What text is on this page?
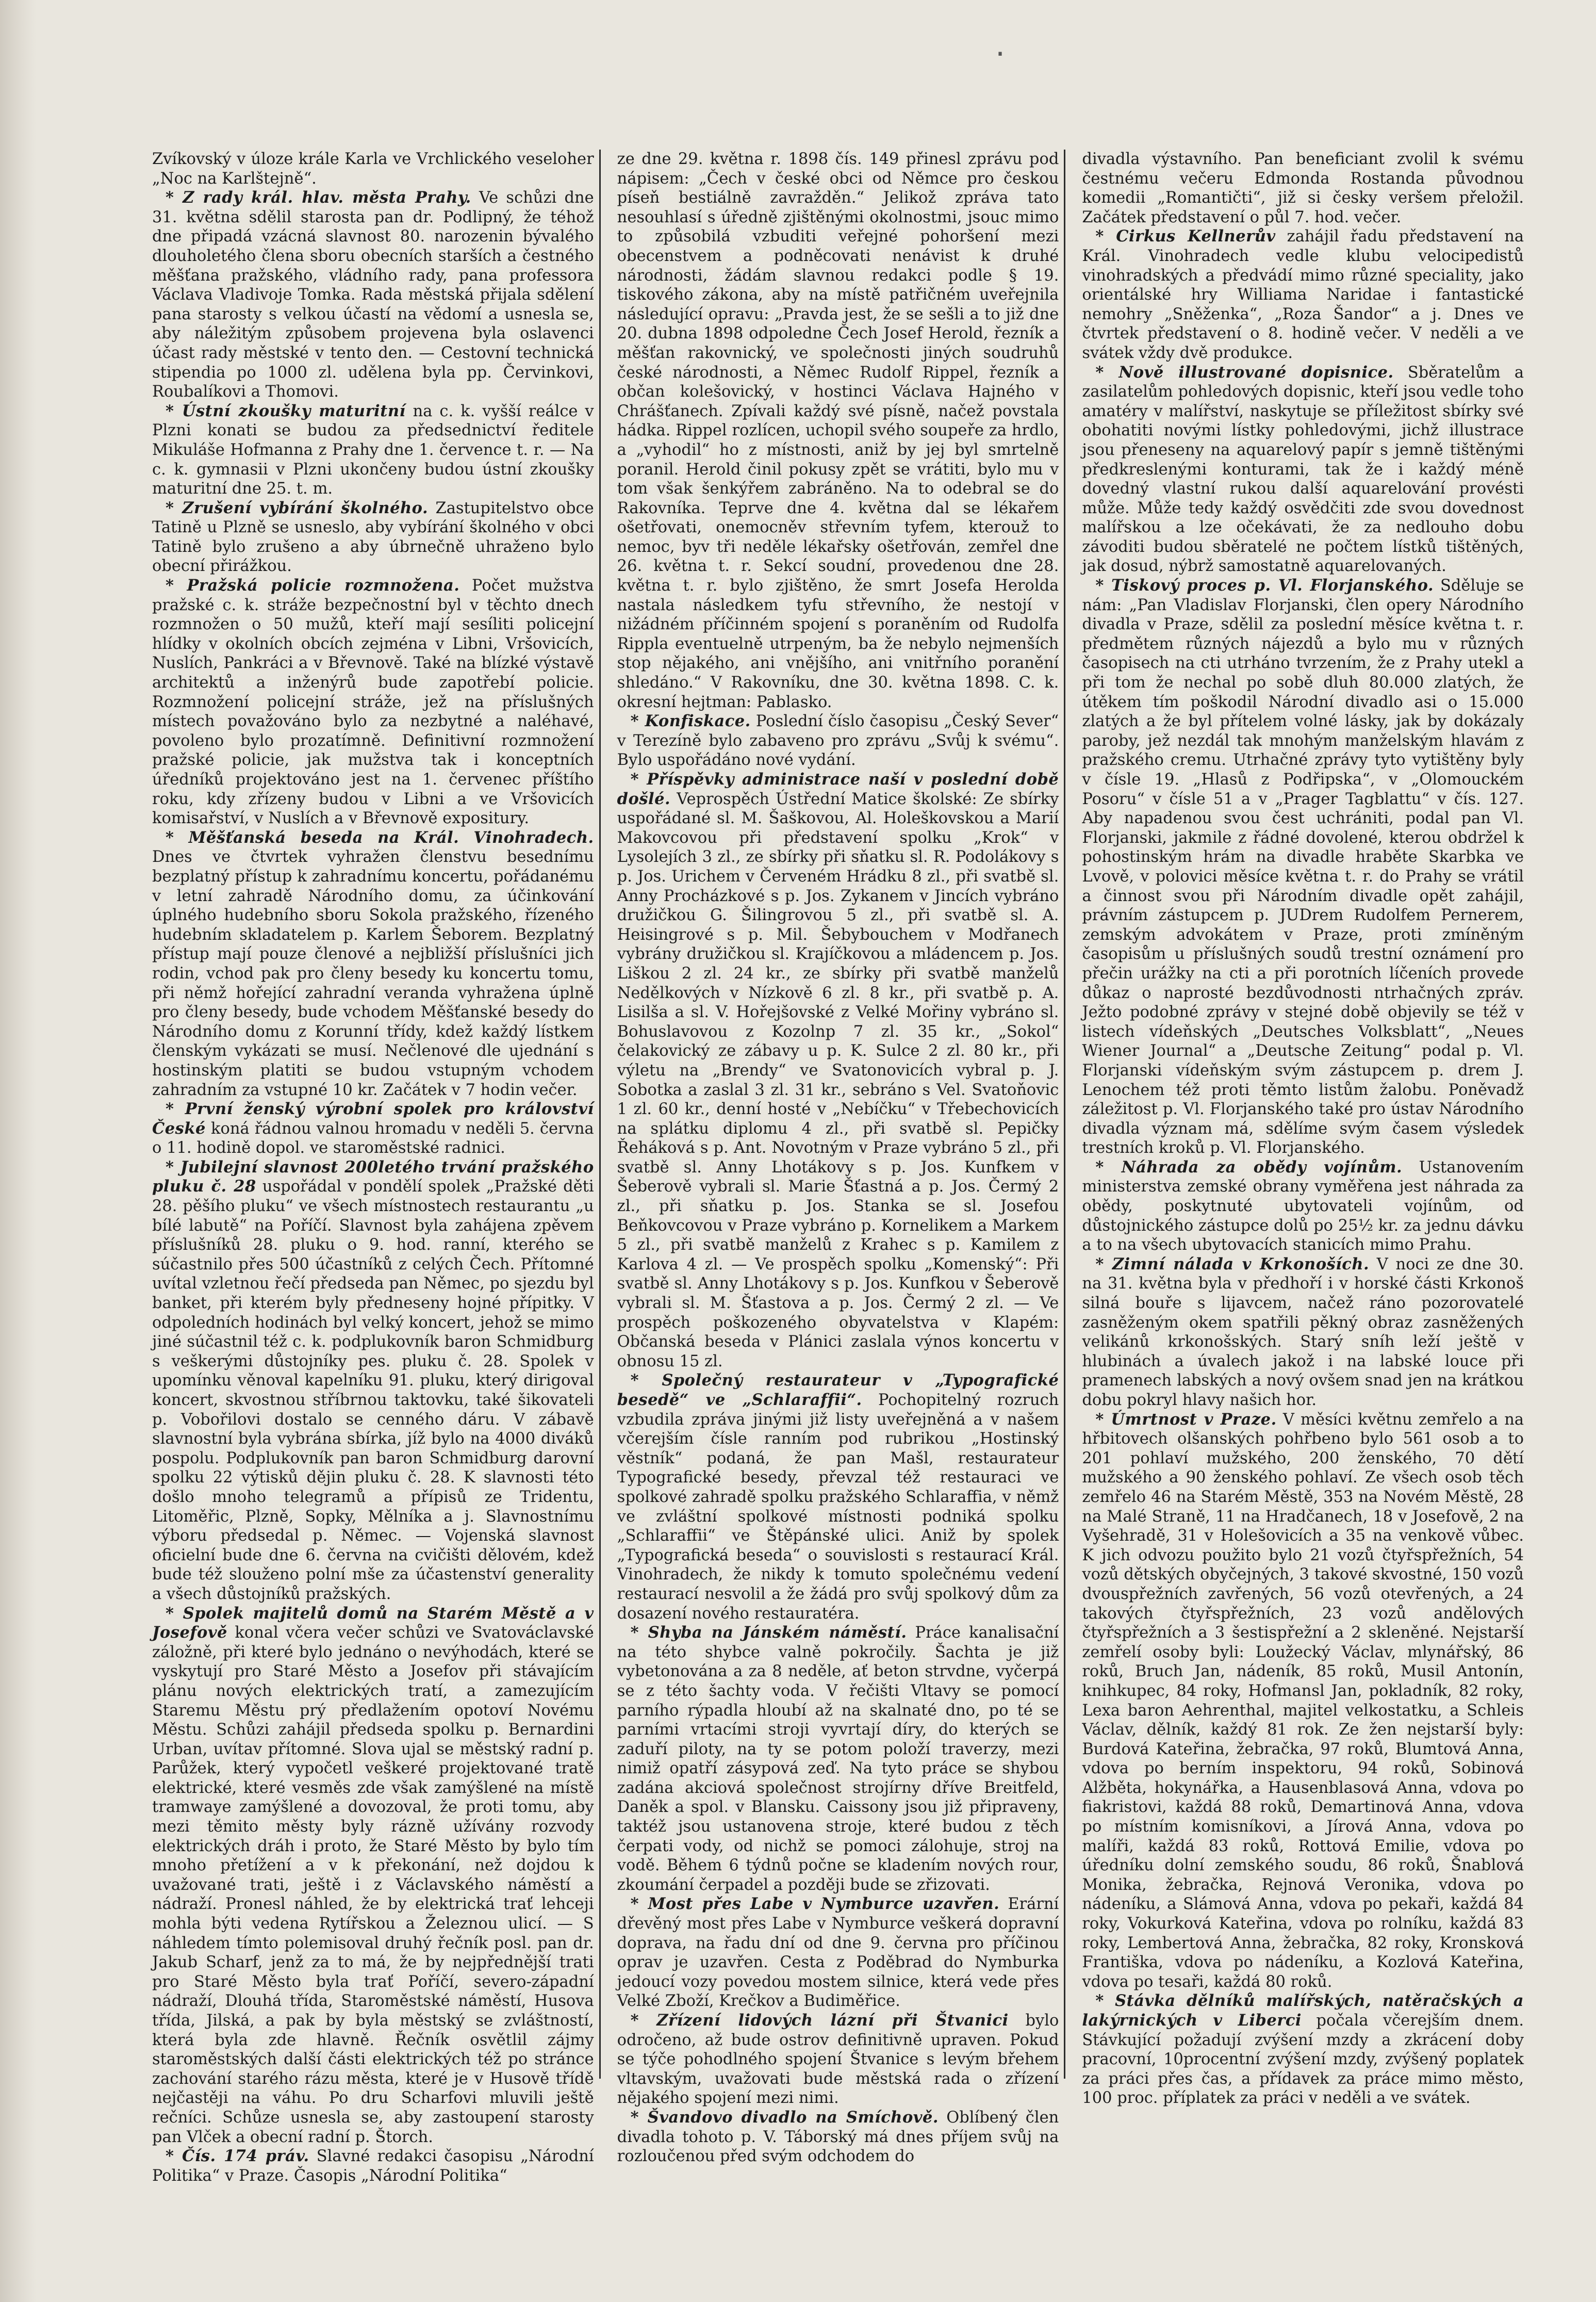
·

Zvíkovský v úloze krále Karla ve Vrchlického veseloher „Noc na Karlštejně“.

* Z rady král. hlav. města Prahy. Ve schůzi dne 31. května sdělil starosta pan dr. Podlipný, že téhož dne připadá vzácná slavnost 80. narozenin bývalého dlouholetého člena sboru obecních starších a čestného měšťana pražského, vládního rady, pana professora Václava Vladivoje Tomka. Rada městská přijala sdělení pana starosty s velkou účastí na vědomí a usnesla se, aby náležitým způsobem projevena byla oslavenci účast rady městské v tento den. — Cestovní technická stipendia po 1000 zl. udělena byla pp. Červinkovi, Roubalíkovi a Thomovi.

* Ústní zkoušky maturitní na c. k. vyšší reálce v Plzni konati se budou za předsednictví ředitele Mikuláše Hofmanna z Prahy dne 1. července t. r. — Na c. k. gymnasii v Plzni ukončeny budou ústní zkoušky maturitní dne 25. t. m.

* Zrušení vybírání školného. Zastupitelstvo obce Tatině u Plzně se usneslo, aby vybírání školného v obci Tatině bylo zrušeno a aby úbrnečně uhraženo bylo obecní přirážkou.

* Pražská policie rozmnožena. Počet mužstva pražské c. k. stráže bezpečnostní byl v těchto dnech rozmnožen o 50 mužů, kteří mají sesíliti policejní hlídky v okolních obcích zejména v Libni, Vršovicích, Nuslích, Pankráci a v Břevnově. Také na blízké výstavě architektů a inženýrů bude zapotřebí policie. Rozmnožení policejní stráže, jež na příslušných místech považováno bylo za nezbytné a naléhavé, povoleno bylo prozatímně. Definitivní rozmnožení pražské policie, jak mužstva tak i konceptních úředníků projektováno jest na 1. červenec příštího roku, kdy zřízeny budou v Libni a ve Vršovicích komisařství, v Nuslích a v Břevnově expositury.

* Měšťanská beseda na Král. Vinohradech. Dnes ve čtvrtek vyhražen členstvu besednímu bezplatný přístup k zahradnímu koncertu, pořádanému v letní zahradě Národního domu, za účinkování úplného hudebního sboru Sokola pražského, řízeného hudebním skladatelem p. Karlem Šeborem. Bezplatný přístup mají pouze členové a nejbližší příslušníci jich rodin, vchod pak pro členy besedy ku koncertu tomu, při němž hořející zahradní veranda vyhražena úplně pro členy besedy, bude vchodem Měšťanské besedy do Národního domu z Korunní třídy, kdež každý lístkem členským vykázati se musí. Nečlenové dle ujednání s hostinským platiti se budou vstupným vchodem zahradním za vstupné 10 kr. Začátek v 7 hodin večer.

* První ženský výrobní spolek pro království České koná řádnou valnou hromadu v neděli 5. června o 11. hodině dopol. ve staroměstské radnici.

* Jubilejní slavnost 200letého trvání pražského pluku č. 28 uspořádal v pondělí spolek „Pražské děti 28. pěšího pluku“ ve všech místnostech restaurantu „u bílé labutě“ na Poříčí. Slavnost byla zahájena zpěvem příslušníků 28. pluku o 9. hod. ranní, kterého se súčastnilo přes 500 účastníků z celých Čech. Přítomné uvítal vzletnou řečí předseda pan Němec, po sjezdu byl banket, při kterém byly předneseny hojné přípitky. V odpoledních hodinách byl velký koncert, jehož se mimo jiné súčastnil též c. k. podplukovník baron Schmidburg s veškerými důstojníky pes. pluku č. 28. Spolek v upomínku věnoval kapelníku 91. pluku, který dirigoval koncert, skvostnou stříbrnou taktovku, také šikovateli p. Vobořilovi dostalo se cenného dáru. V zábavě slavnostní byla vybrána sbírka, jíž bylo na 4000 diváků pospolu. Podplukovník pan baron Schmidburg darovní spolku 22 výtisků dějin pluku č. 28. K slavnosti této došlo mnoho telegramů a přípisů ze Tridentu, Litoměřic, Plzně, Sopky, Mělníka a j. Slavnostnímu výboru předsedal p. Němec. — Vojenská slavnost oficielní bude dne 6. června na cvičišti dělovém, kdež bude též slouženo polní mše za účastenství generality a všech důstojníků pražských.

* Spolek majitelů domů na Starém Městě a v Josefově konal včera večer schůzi ve Svatováclavské záložně, při které bylo jednáno o nevýhodách, které se vyskytují pro Staré Město a Josefov při stávajícím plánu nových elektrických tratí, a zamezujícím Staremu Městu prý předlažením opotoví Novému Městu. Schůzi zahájil předseda spolku p. Bernardini Urban, uvítav přítomné. Slova ujal se městský radní p. Parůžek, který vypočetl veškeré projektované tratě elektrické, které vesměs zde však zamýšlené na místě tramwaye zamýšlené a dovozoval, že proti tomu, aby mezi těmito městy byly rázně užívány rozvody elektrických dráh i proto, že Staré Město by bylo tím mnoho přetížení a v k překonání, než dojdou k uvažované trati, ještě i z Václavského náměstí a nádraží. Pronesl náhled, že by elektrická trať lehceji mohla býti vedena Rytířskou a Železnou ulicí. — S náhledem tímto polemisoval druhý řečník posl. pan dr. Jakub Scharf, jenž za to má, že by nejpřednější trati pro Staré Město byla trať Poříčí, severo-západní nádraží, Dlouhá třída, Staroměstské náměstí, Husova třída, Jilská, a pak by byla městský se zvláštností, která byla zde hlavně. Řečník osvětlil zájmy staroměstských další části elektrických též po stránce zachování starého rázu města, které je v Husově třídě nejčastěji na váhu. Po dru Scharfovi mluvili ještě rečníci. Schůze usnesla se, aby zastoupení starosty pan Vlček a obecní radní p. Štorch.

* Čís. 174 práv. Slavné redakci časopisu „Národní Politika“ v Praze. Časopis „Národní Politika“

ze dne 29. května r. 1898 čís. 149 přinesl zprávu pod nápisem: „Čech v české obci od Němce pro českou píseň bestiálně zavražděn.“ Jelikož zpráva tato nesouhlasí s úředně zjištěnými okolnostmi, jsouc mimo to způsobilá vzbuditi veřejné pohoršení mezi obecenstvem a podněcovati nenávist k druhé národnosti, žádám slavnou redakci podle § 19. tiskového zákona, aby na místě patřičném uveřejnila následující opravu: „Pravda jest, že se sešli a to již dne 20. dubna 1898 odpoledne Čech Josef Herold, řezník a měšťan rakovnický, ve společnosti jiných soudruhů české národnosti, a Němec Rudolf Rippel, řezník a občan kolešovický, v hostinci Václava Hajného v Chrášťanech. Zpívali každý své písně, načež povstala hádka. Rippel rozlícen, uchopil svého soupeře za hrdlo, a „vyhodil“ ho z místnosti, aniž by jej byl smrtelně poranil. Herold činil pokusy zpět se vrátiti, bylo mu v tom však šenkýřem zabráněno. Na to odebral se do Rakovníka. Teprve dne 4. května dal se lékařem ošetřovati, onemocněv střevním tyfem, kterouž to nemoc, byv tři neděle lékařsky ošetřován, zemřel dne 26. května t. r. Sekcí soudní, provedenou dne 28. května t. r. bylo zjištěno, že smrt Josefa Herolda nastala následkem tyfu střevního, že nestojí v nižádném příčinném spojení s poraněním od Rudolfa Rippla eventuelně utrpeným, ba že nebylo nejmenších stop nějakého, ani vnějšího, ani vnitřního poranění shledáno.“ V Rakovníku, dne 30. května 1898. C. k. okresní hejtman: Pablasko.

* Konfiskace. Poslední číslo časopisu „Český Sever“ v Terezíně bylo zabaveno pro zprávu „Svůj k svému“. Bylo uspořádáno nové vydání.

* Příspěvky administrace naší v poslední době došlé. Veprospěch Ústřední Matice školské: Ze sbírky uspořádané sl. M. Šaškovou, Al. Holeškovskou a Marií Makovcovou při představení spolku „Krok“ v Lysolejích 3 zl., ze sbírky při sňatku sl. R. Podolákovy s p. Jos. Urichem v Červeném Hrádku 8 zl., při svatbě sl. Anny Procházkové s p. Jos. Zykanem v Jincích vybráno družičkou G. Šilingrovou 5 zl., při svatbě sl. A. Heisingrové s p. Mil. Šebybouchem v Modřanech vybrány družičkou sl. Krajíčkovou a mládencem p. Jos. Liškou 2 zl. 24 kr., ze sbírky při svatbě manželů Nedělkových v Nízkově 6 zl. 8 kr., při svatbě p. A. Lisilša a sl. V. Hořejšovské z Velké Mořiny vybráno sl. Bohuslavovou z Kozolnp 7 zl. 35 kr., „Sokol“ čelakovický ze zábavy u p. K. Sulce 2 zl. 80 kr., při výletu na „Brendy“ ve Svatonovicích vybral p. J. Sobotka a zaslal 3 zl. 31 kr., sebráno s Vel. Svatoňovic 1 zl. 60 kr., denní hosté v „Nebíčku“ v Třebechovicích na splátku diplomu 4 zl., při svatbě sl. Pepičky Řeháková s p. Ant. Novotným v Praze vybráno 5 zl., při svatbě sl. Anny Lhotákovy s p. Jos. Kunfkem v Šeberově vybrali sl. Marie Šťastná a p. Jos. Čermý 2 zl., při sňatku p. Jos. Stanka se sl. Josefou Beňkovcovou v Praze vybráno p. Kornelikem a Markem 5 zl., při svatbě manželů z Krahec s p. Kamilem z Karlova 4 zl. — Ve prospěch spolku „Komenský“: Při svatbě sl. Anny Lhotákovy s p. Jos. Kunfkou v Šeberově vybrali sl. M. Šťastova a p. Jos. Čermý 2 zl. — Ve prospěch poškozeného obyvatelstva v Klapém: Občanská beseda v Plánici zaslala výnos koncertu v obnosu 15 zl.

* Společný restaurateur v „Typografické besedě“ ve „Schlaraffii“. Pochopitelný rozruch vzbudila zpráva jinými již listy uveřejněná a v našem včerejším čísle ranním pod rubrikou „Hostinský věstník“ podaná, že pan Mašl, restaurateur Typografické besedy, převzal též restauraci ve spolkové zahradě spolku pražského Schlaraffia, v němž ve zvláštní spolkové místnosti podniká spolku „Schlaraffii“ ve Štěpánské ulici. Aniž by spolek „Typografická beseda“ o souvislosti s restaurací Král. Vinohradech, že nikdy k tomuto společnému vedení restaurací nesvolil a že žádá pro svůj spolkový dům za dosazení nového restauratéra.

* Shyba na Jánském náměstí. Práce kanalisační na této shybce valně pokročily. Šachta je již vybetonována a za 8 neděle, ať beton strvdne, vyčerpá se z této šachty voda. V řečišti Vltavy se pomocí parního rýpadla hloubí až na skalnaté dno, po té se parními vrtacími stroji vyvrtají díry, do kterých se zaduří piloty, na ty se potom položí traverzy, mezi nimiž opatří zásypová zeď. Na tyto práce se shybou zadána akciová společnost strojírny dříve Breitfeld, Daněk a spol. v Blansku. Caissony jsou již připraveny, taktéž jsou ustanovena stroje, které budou z těch čerpati vody, od nichž se pomoci zálohuje, stroj na vodě. Během 6 týdnů počne se kladením nových rour, zkoumání čerpadel a později bude se zřizovati.

* Most přes Labe v Nymburce uzavřen. Erární dřevěný most přes Labe v Nymburce veškerá dopravní doprava, na řadu dní od dne 9. června pro příčinou oprav je uzavřen. Cesta z Poděbrad do Nymburka jedoucí vozy povedou mostem silnice, která vede přes Velké Zboží, Krečkov a Budiměřice.

* Zřízení lidových lázní při Štvanici bylo odročeno, až bude ostrov definitivně upraven. Pokud se týče pohodlného spojení Štvanice s levým břehem vltavským, uvažovati bude městská rada o zřízení nějakého spojení mezi nimi.

* Švandovo divadlo na Smíchově. Oblíbený člen divadla tohoto p. V. Táborský má dnes příjem svůj na rozloučenou před svým odchodem do

divadla výstavního. Pan beneficiant zvolil k svému čestnému večeru Edmonda Rostanda původnou komedii „Romantičti“, již si česky veršem přeložil. Začátek představení o půl 7. hod. večer.

* Cirkus Kellnerův zahájil řadu představení na Král. Vinohradech vedle klubu velocipedistů vinohradských a předvádí mimo různé speciality, jako orientálské hry Williama Naridae i fantastické nemohry „Sněženka“, „Roza Šandor“ a j. Dnes ve čtvrtek představení o 8. hodině večer. V neděli a ve svátek vždy dvě produkce.

* Nově illustrované dopisnice. Sběratelům a zasilatelům pohledových dopisnic, kteří jsou vedle toho amatéry v malířství, naskytuje se příležitost sbírky své obohatiti novými lístky pohledovými, jichž illustrace jsou přeneseny na aquarelový papír s jemně tištěnými předkreslenými konturami, tak že i každý méně dovedný vlastní rukou další aquarelování provésti může. Může tedy každý osvědčiti zde svou dovednost malířskou a lze očekávati, že za nedlouho dobu závoditi budou sběratelé ne počtem lístků tištěných, jak dosud, nýbrž samostatně aquarelovaných.

* Tiskový proces p. Vl. Florjanského. Sděluje se nám: „Pan Vladislav Florjanski, člen opery Národního divadla v Praze, sdělil za poslední měsíce května t. r. předmětem různých nájezdů a bylo mu v různých časopisech na cti utrháno tvrzením, že z Prahy utekl a při tom že nechal po sobě dluh 80.000 zlatých, že útěkem tím poškodil Národní divadlo asi o 15.000 zlatých a že byl přítelem volné lásky, jak by dokázaly paroby, jež nezdál tak mnohým manželským hlavám z pražského cremu. Utrhačné zprávy tyto vytištěny byly v čísle 19. „Hlasů z Podřipska“, v „Olomouckém Posoru“ v čísle 51 a v „Prager Tagblattu“ v čís. 127. Aby napadenou svou čest uchrániti, podal pan Vl. Florjanski, jakmile z řádné dovolené, kterou obdržel k pohostinským hrám na divadle hraběte Skarbka ve Lvově, v polovici měsíce května t. r. do Prahy se vrátil a činnost svou při Národním divadle opět zahájil, právním zástupcem p. JUDrem Rudolfem Pernerem, zemským advokátem v Praze, proti zmíněným časopisům u příslušných soudů trestní oznámení pro přečin urážky na cti a při porotních líčeních provede důkaz o naprosté bezdůvodnosti ntrhačných zpráv. Ježto podobné zprávy v stejné době objevily se též v listech vídeňských „Deutsches Volksblatt“, „Neues Wiener Journal“ a „Deutsche Zeitung“ podal p. Vl. Florjanski vídeňským svým zástupcem p. drem J. Lenochem též proti těmto listům žalobu. Poněvadž záležitost p. Vl. Florjanského také pro ústav Národního divadla význam má, sdělíme svým časem výsledek trestních kroků p. Vl. Florjanského.

* Náhrada za obědy vojínům. Ustanovením ministerstva zemské obrany vyměřena jest náhrada za obědy, poskytnuté ubytovateli vojínům, od důstojnického zástupce dolů po 25½ kr. za jednu dávku a to na všech ubytovacích stanicích mimo Prahu.

* Zimní nálada v Krkonoších. V noci ze dne 30. na 31. května byla v předhoří i v horské části Krkonoš silná bouře s lijavcem, načež ráno pozorovatelé zasněženým okem spatřili pěkný obraz zasněžených velikánů krkonošských. Starý sníh leží ještě v hlubinách a úvalech jakož i na labské louce při pramenech labských a nový ovšem snad jen na krátkou dobu pokryl hlavy našich hor.

* Úmrtnost v Praze. V měsíci květnu zemřelo a na hřbitovech olšanských pohřbeno bylo 561 osob a to 201 pohlaví mužského, 200 ženského, 70 dětí mužského a 90 ženského pohlaví. Ze všech osob těch zemřelo 46 na Starém Městě, 353 na Novém Městě, 28 na Malé Straně, 11 na Hradčanech, 18 v Josefově, 2 na Vyšehradě, 31 v Holešovicích a 35 na venkově vůbec. K jich odvozu použito bylo 21 vozů čtyřspřežních, 54 vozů dětských obyčejných, 3 takové skvostné, 150 vozů dvouspřežních zavřených, 56 vozů otevřených, a 24 takových čtyřspřežních, 23 vozů andělových čtyřspřežních a 3 šestispřežní a 2 skleněné. Nejstarší zemřelí osoby byli: Loužecký Václav, mlynářský, 86 roků, Bruch Jan, nádeník, 85 roků, Musil Antonín, knihkupec, 84 roky, Hofmansl Jan, pokladník, 82 roky, Lexa baron Aehrenthal, majitel velkostatku, a Schleis Václav, dělník, každý 81 rok. Ze žen nejstarší byly: Burdová Kateřina, žebračka, 97 roků, Blumtová Anna, vdova po berním inspektoru, 94 roků, Sobinová Alžběta, hokynářka, a Hausenblasová Anna, vdova po fiakristovi, každá 88 roků, Demartinová Anna, vdova po místním komisníkovi, a Jírová Anna, vdova po malíři, každá 83 roků, Rottová Emilie, vdova po úředníku dolní zemského soudu, 86 roků, Šnablová Monika, žebračka, Rejnová Veronika, vdova po nádeníku, a Slámová Anna, vdova po pekaři, každá 84 roky, Vokurková Kateřina, vdova po rolníku, každá 83 roky, Lembertová Anna, žebračka, 82 roky, Kronsková Františka, vdova po nádeníku, a Kozlová Kateřina, vdova po tesaři, každá 80 roků.

* Stávka dělníků malířských, natěračských a lakýrnických v Liberci počala včerejším dnem. Stávkující požadují zvýšení mzdy a zkrácení doby pracovní, 10procentní zvýšení mzdy, zvýšený poplatek za práci přes čas, a přídavek za práce mimo město, 100 proc. příplatek za práci v neděli a ve svátek.
